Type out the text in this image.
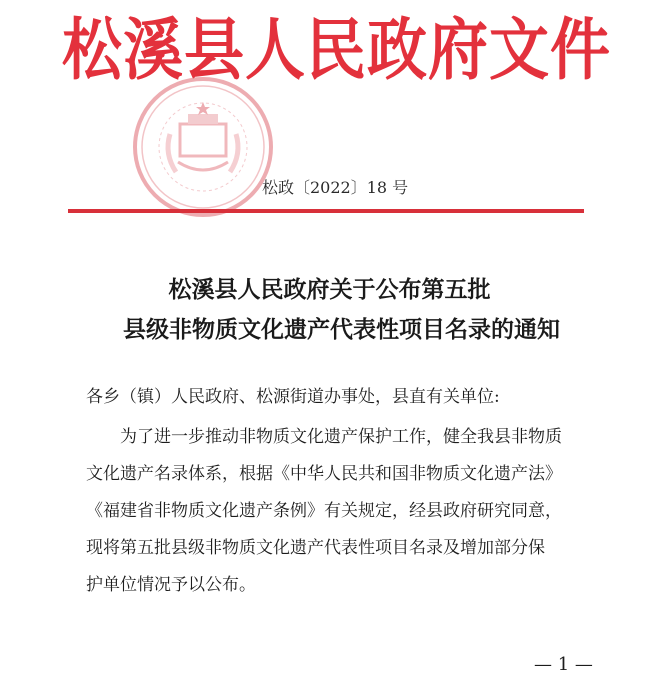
松溪县人民政府文件
松政〔2022〕18 号
松溪县人民政府关于公布第五批
县级非物质文化遗产代表性项目名录的通知
各乡（镇）人民政府、松源街道办事处，县直有关单位:
为了进一步推动非物质文化遗产保护工作，健全我县非物质
文化遗产名录体系，根据《中华人民共和国非物质文化遗产法》
《福建省非物质文化遗产条例》有关规定，经县政府研究同意，
现将第五批县级非物质文化遗产代表性项目名录及增加部分保
护单位情况予以公布。
— 1 —
